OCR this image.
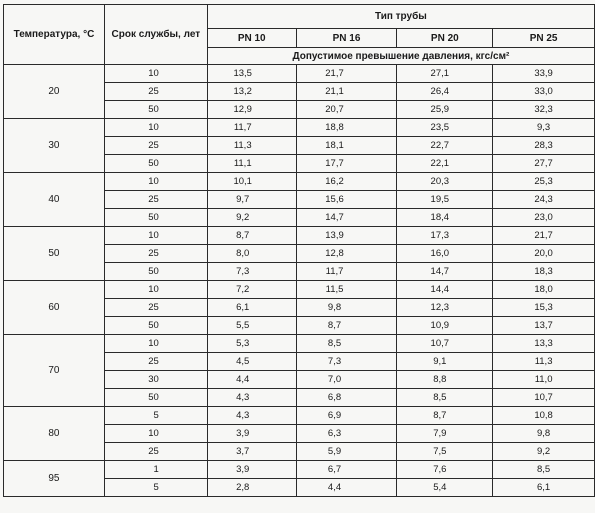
Температура, °С	Срок службы, лет	Тип трубы			
		PN 10	PN 16	PN 20	PN 25
		Допустимое превышение давления, кгс/см²			
20	10	13,5	21,7	27,1	33,9
	25	13,2	21,1	26,4	33,0
	50	12,9	20,7	25,9	32,3
30	10	11,7	18,8	23,5	9,3
	25	11,3	18,1	22,7	28,3
	50	11,1	17,7	22,1	27,7
40	10	10,1	16,2	20,3	25,3
	25	9,7	15,6	19,5	24,3
	50	9,2	14,7	18,4	23,0
50	10	8,7	13,9	17,3	21,7
	25	8,0	12,8	16,0	20,0
	50	7,3	11,7	14,7	18,3
60	10	7,2	11,5	14,4	18,0
	25	6,1	9,8	12,3	15,3
	50	5,5	8,7	10,9	13,7
70	10	5,3	8,5	10,7	13,3
	25	4,5	7,3	9,1	11,3
	30	4,4	7,0	8,8	11,0
	50	4,3	6,8	8,5	10,7
80	5	4,3	6,9	8,7	10,8
	10	3,9	6,3	7,9	9,8
	25	3,7	5,9	7,5	9,2
95	1	3,9	6,7	7,6	8,5
	5	2,8	4,4	5,4	6,1
